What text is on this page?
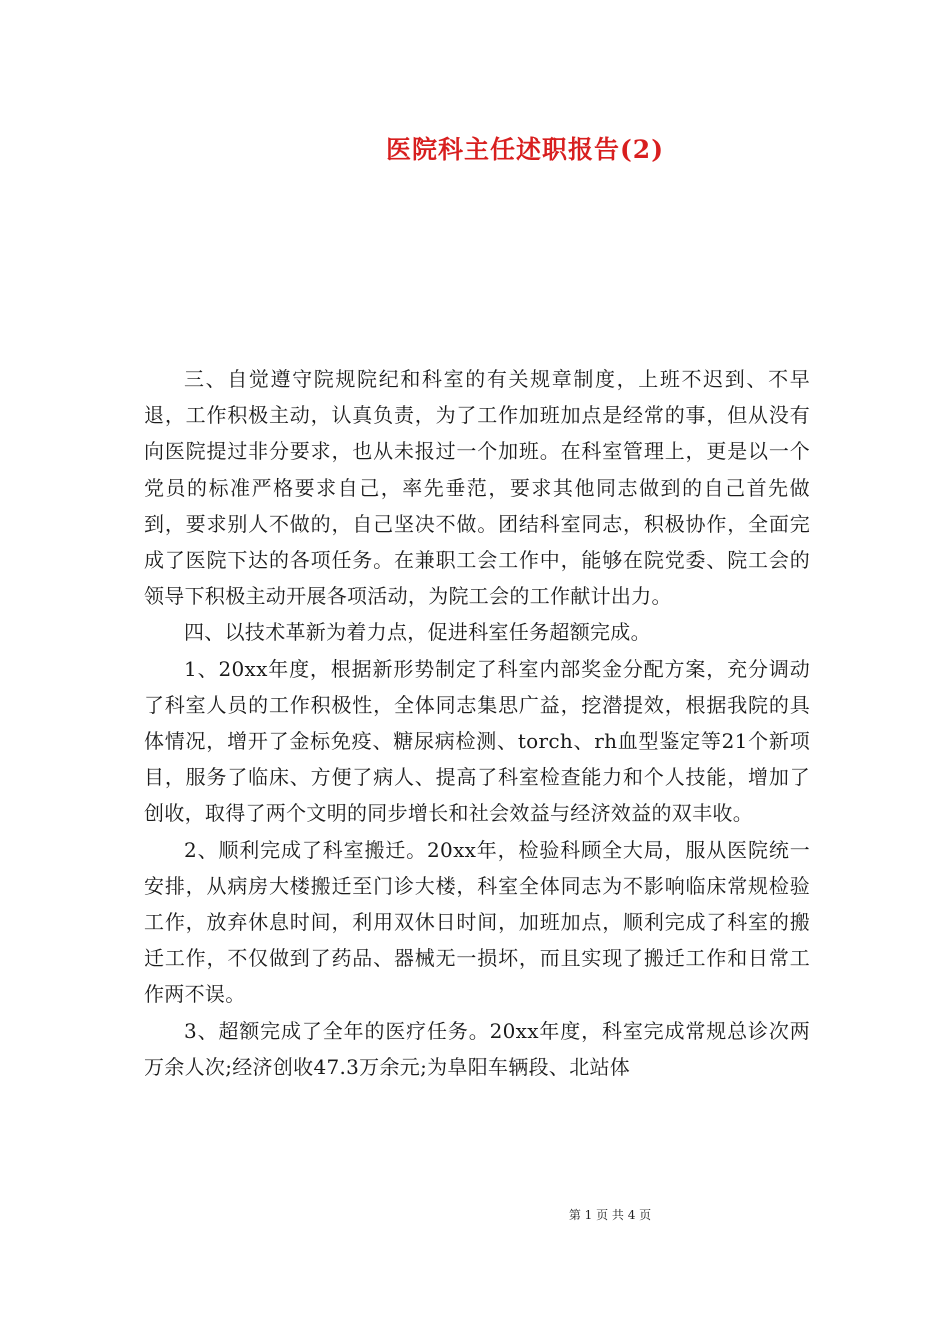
医院科主任述职报告(2)

三、自觉遵守院规院纪和科室的有关规章制度，上班不迟到、不早退，工作积极主动，认真负责，为了工作加班加点是经常的事，但从没有向医院提过非分要求，也从未报过一个加班。在科室管理上，更是以一个党员的标准严格要求自己，率先垂范，要求其他同志做到的自己首先做到，要求别人不做的，自己坚决不做。团结科室同志，积极协作，全面完成了医院下达的各项任务。在兼职工会工作中，能够在院党委、院工会的领导下积极主动开展各项活动，为院工会的工作献计出力。

四、以技术革新为着力点，促进科室任务超额完成。

1、20xx年度，根据新形势制定了科室内部奖金分配方案，充分调动了科室人员的工作积极性，全体同志集思广益，挖潜提效，根据我院的具体情况，增开了金标免疫、糖尿病检测、torch、rh血型鉴定等21个新项目，服务了临床、方便了病人、提高了科室检查能力和个人技能，增加了创收，取得了两个文明的同步增长和社会效益与经济效益的双丰收。

2、顺利完成了科室搬迁。20xx年，检验科顾全大局，服从医院统一安排，从病房大楼搬迁至门诊大楼，科室全体同志为不影响临床常规检验工作，放弃休息时间，利用双休日时间，加班加点，顺利完成了科室的搬迁工作，不仅做到了药品、器械无一损坏，而且实现了搬迁工作和日常工作两不误。

3、超额完成了全年的医疗任务。20xx年度，科室完成常规总诊次两万余人次;经济创收47.3万余元;为阜阳车辆段、北站体

第 1 页 共 4 页
